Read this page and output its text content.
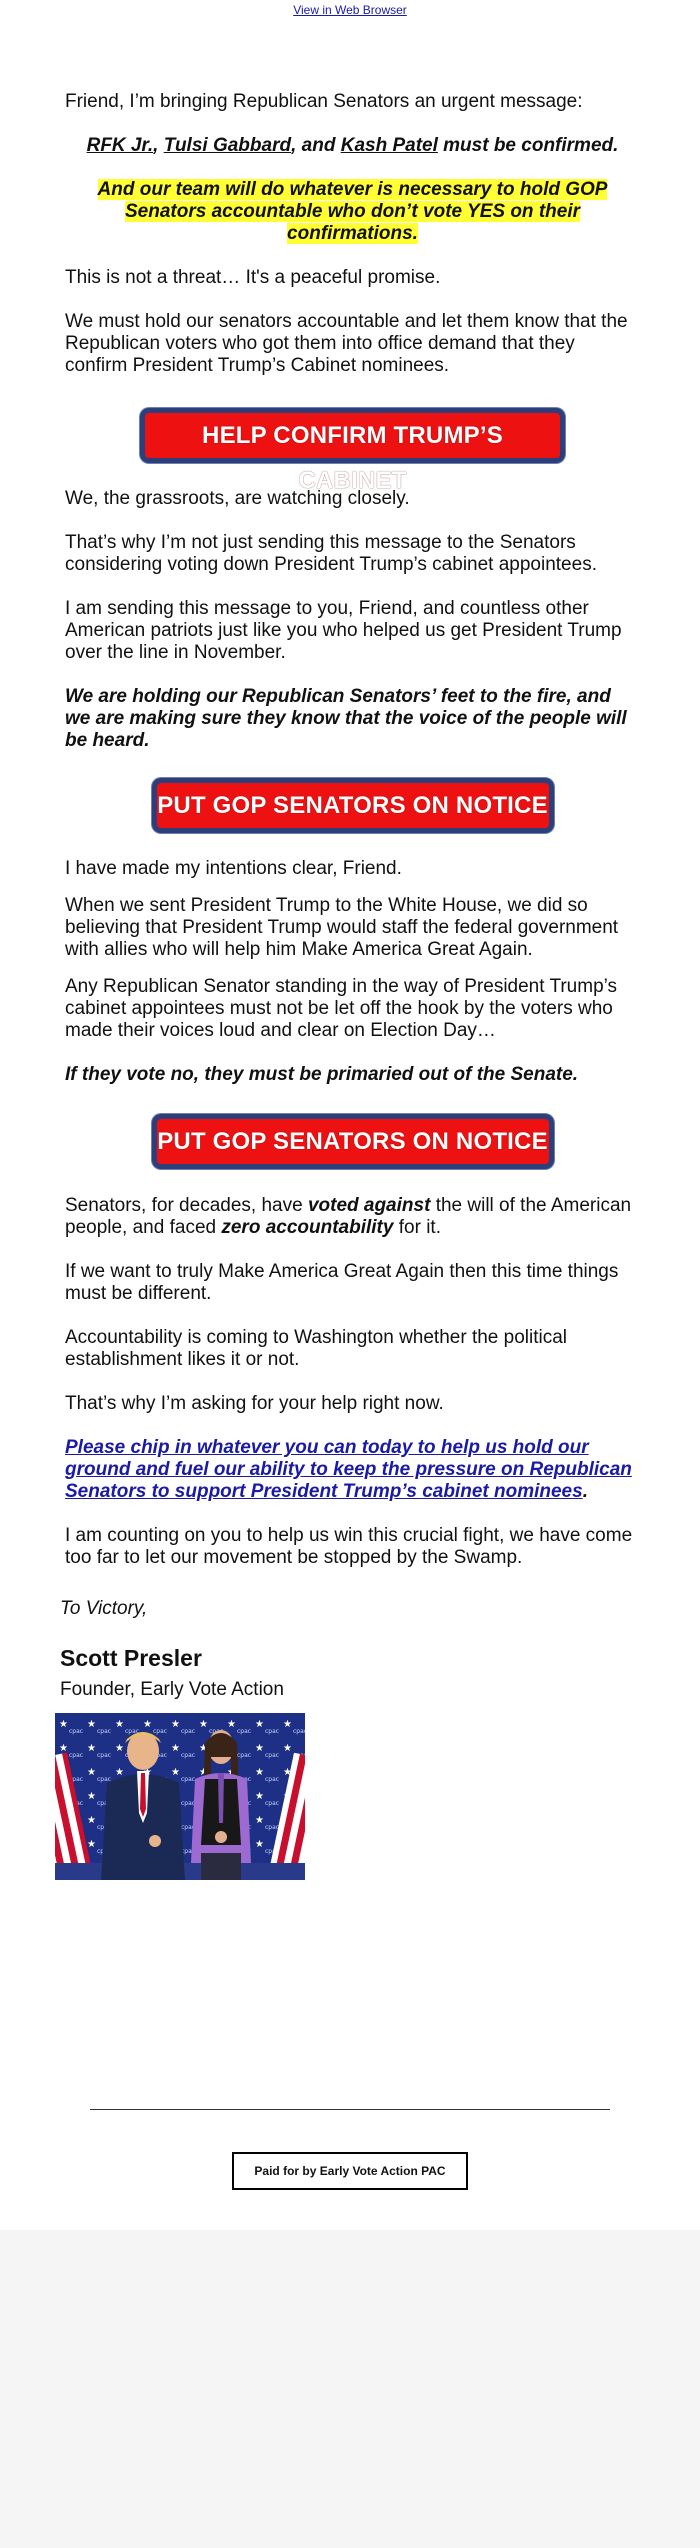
View in Web Browser

Friend, I’m bringing Republican Senators an urgent message:

RFK Jr., Tulsi Gabbard, and Kash Patel must be confirmed.

And our team will do whatever is necessary to hold GOP Senators accountable who don’t vote YES on their confirmations.

This is not a threat… It's a peaceful promise.

We must hold our senators accountable and let them know that the Republican voters who got them into office demand that they confirm President Trump’s Cabinet nominees.

HELP CONFIRM TRUMP’S CABINET

We, the grassroots, are watching closely.

That’s why I’m not just sending this message to the Senators considering voting down President Trump’s cabinet appointees.

I am sending this message to you, Friend, and countless other American patriots just like you who helped us get President Trump over the line in November.

We are holding our Republican Senators’ feet to the fire, and we are making sure they know that the voice of the people will be heard.

PUT GOP SENATORS ON NOTICE

I have made my intentions clear, Friend.

When we sent President Trump to the White House, we did so believing that President Trump would staff the federal government with allies who will help him Make America Great Again.

Any Republican Senator standing in the way of President Trump’s cabinet appointees must not be let off the hook by the voters who made their voices loud and clear on Election Day…

If they vote no, they must be primaried out of the Senate.

PUT GOP SENATORS ON NOTICE

Senators, for decades, have voted against the will of the American people, and faced zero accountability for it.

If we want to truly Make America Great Again then this time things must be different.

Accountability is coming to Washington whether the political establishment likes it or not.

That’s why I’m asking for your help right now.

Please chip in whatever you can today to help us hold our ground and fuel our ability to keep the pressure on Republican Senators to support President Trump’s cabinet nominees.

I am counting on you to help us win this crucial fight, we have come too far to let our movement be stopped by the Swamp.

To Victory,

Scott Presler

Founder, Early Vote Action

Paid for by Early Vote Action PAC
